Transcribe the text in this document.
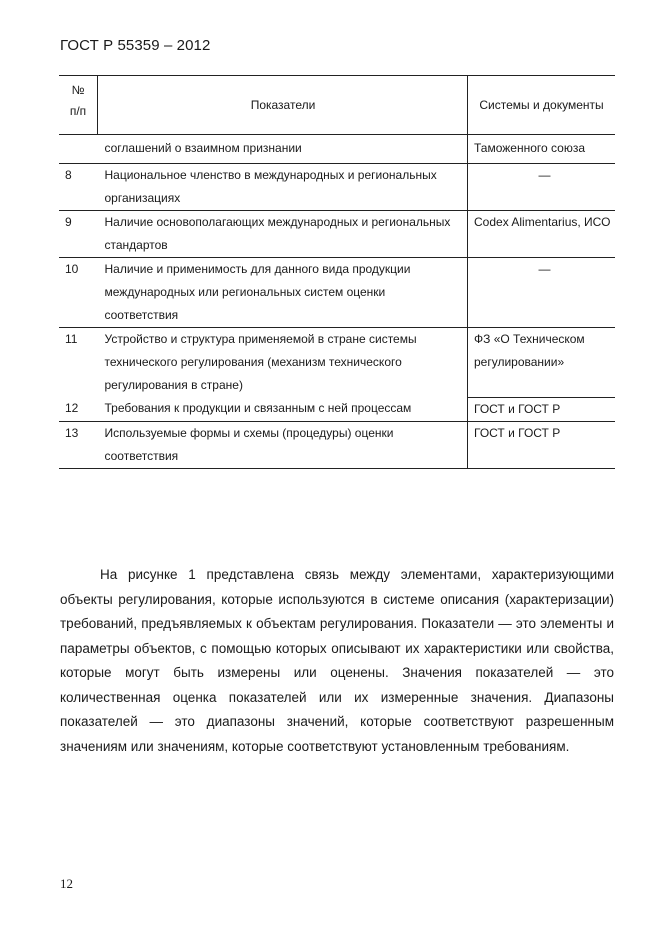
ГОСТ Р 55359 – 2012
№
п/п	Показатели	Системы и документы
	соглашений о взаимном признании	Таможенного союза
8	Национальное членство в международных и региональных организациях	—
9	Наличие основополагающих международных и региональных стандартов	Codex Alimentarius, ИСО
10	Наличие и применимость для данного вида продукции международных или региональных систем оценки соответствия	—
11	Устройство и структура применяемой в стране системы технического регулирования (механизм технического регулирования в стране)	ФЗ «О Техническом регулировании»
12	Требования к продукции и связанным с ней процессам	ГОСТ и ГОСТ Р
13	Используемые формы и схемы (процедуры) оценки соответствия	ГОСТ и ГОСТ Р

На рисунке 1 представлена связь между элементами, характеризующими объекты регулирования, которые используются в системе описания (характеризации) требований, предъявляемых к объектам регулирования. Показатели — это элементы и параметры объектов, с помощью которых описывают их характеристики или свойства, которые могут быть измерены или оценены. Значения показателей — это количественная оценка показателей или их измеренные значения. Диапазоны показателей — это диапазоны значений, которые соответствуют разрешенным значениям или значениям, которые соответствуют установленным требованиям.

12
